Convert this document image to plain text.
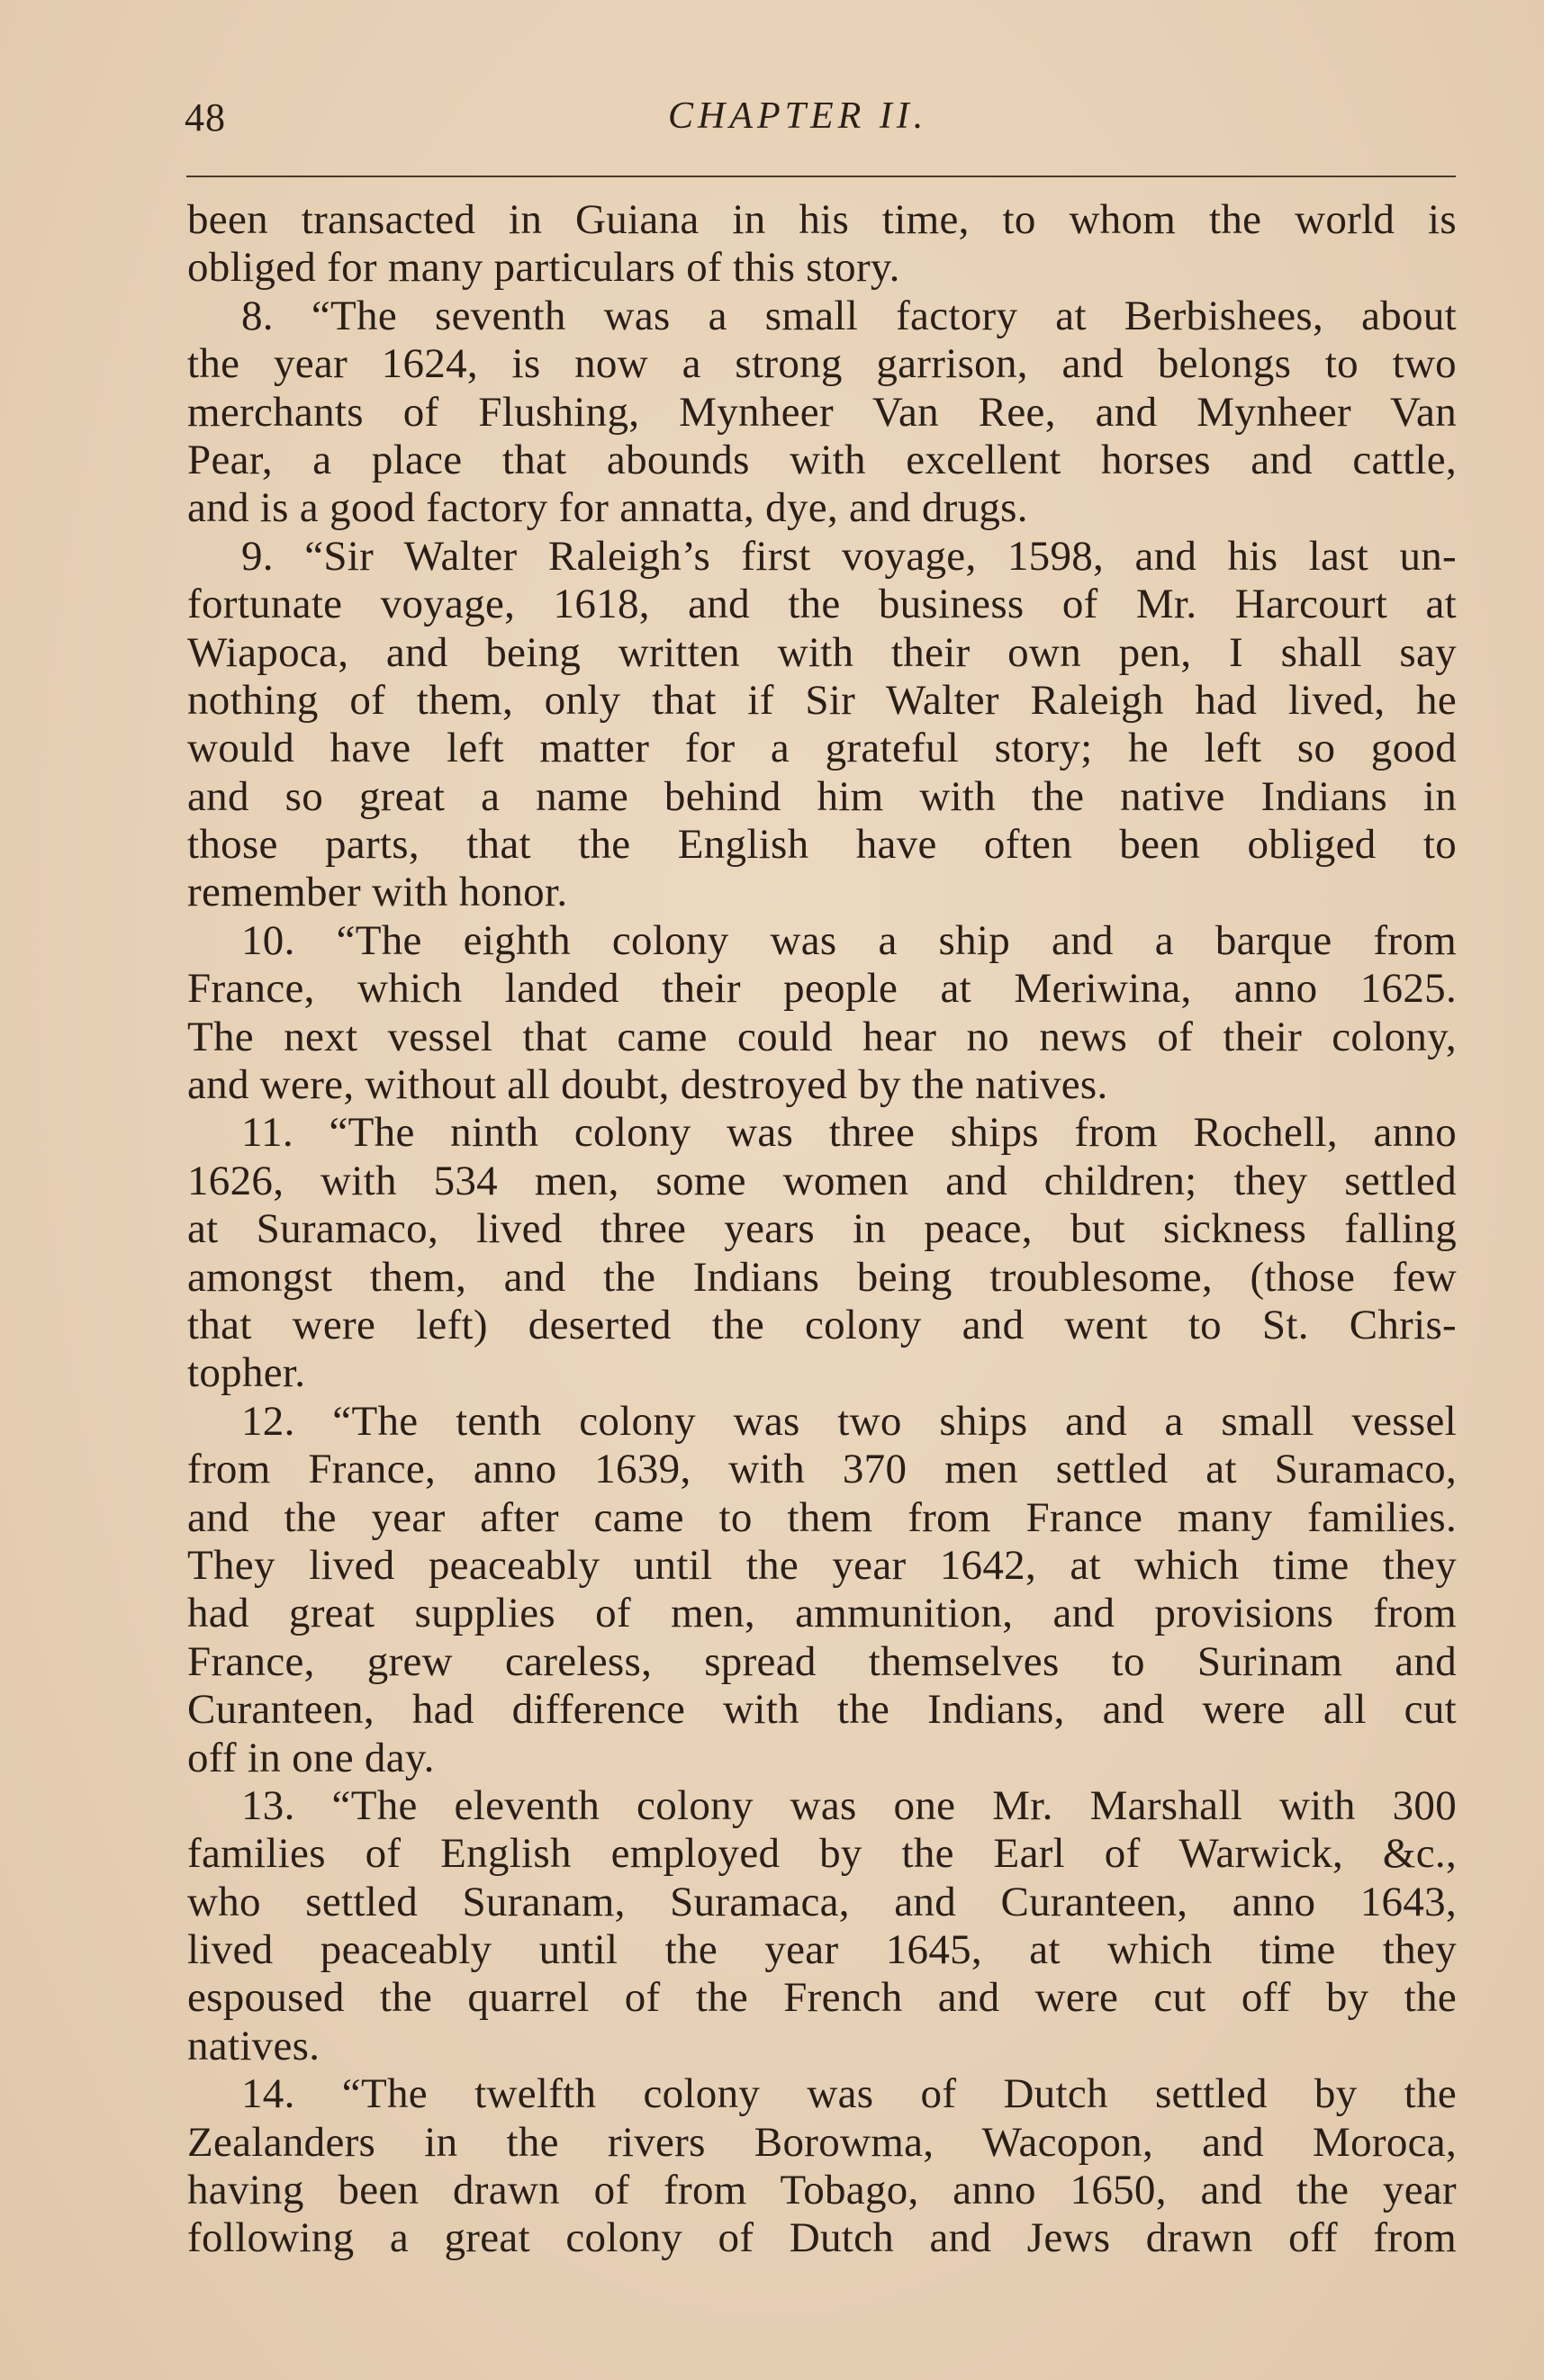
48	CHAPTER II.
been transacted in Guiana in his time, to whom the world is
obliged for many particulars of this story.
8. “The seventh was a small factory at Berbishees, about
the year 1624, is now a strong garrison, and belongs to two
merchants of Flushing, Mynheer Van Ree, and Mynheer Van
Pear, a place that abounds with excellent horses and cattle,
and is a good factory for annatta, dye, and drugs.
9. “Sir Walter Raleigh’s first voyage, 1598, and his last un-
fortunate voyage, 1618, and the business of Mr. Harcourt at
Wiapoca, and being written with their own pen, I shall say
nothing of them, only that if Sir Walter Raleigh had lived, he
would have left matter for a grateful story; he left so good
and so great a name behind him with the native Indians in
those parts, that the English have often been obliged to
remember with honor.
10. “The eighth colony was a ship and a barque from
France, which landed their people at Meriwina, anno 1625.
The next vessel that came could hear no news of their colony,
and were, without all doubt, destroyed by the natives.
11. “The ninth colony was three ships from Rochell, anno
1626, with 534 men, some women and children; they settled
at Suramaco, lived three years in peace, but sickness falling
amongst them, and the Indians being troublesome, (those few
that were left) deserted the colony and went to St. Chris-
topher.
12. “The tenth colony was two ships and a small vessel
from France, anno 1639, with 370 men settled at Suramaco,
and the year after came to them from France many families.
They lived peaceably until the year 1642, at which time they
had great supplies of men, ammunition, and provisions from
France, grew careless, spread themselves to Surinam and
Curanteen, had difference with the Indians, and were all cut
off in one day.
13. “The eleventh colony was one Mr. Marshall with 300
families of English employed by the Earl of Warwick, &c.,
who settled Suranam, Suramaca, and Curanteen, anno 1643,
lived peaceably until the year 1645, at which time they
espoused the quarrel of the French and were cut off by the
natives.
14. “The twelfth colony was of Dutch settled by the
Zealanders in the rivers Borowma, Wacopon, and Moroca,
having been drawn of from Tobago, anno 1650, and the year
following a great colony of Dutch and Jews drawn off from
